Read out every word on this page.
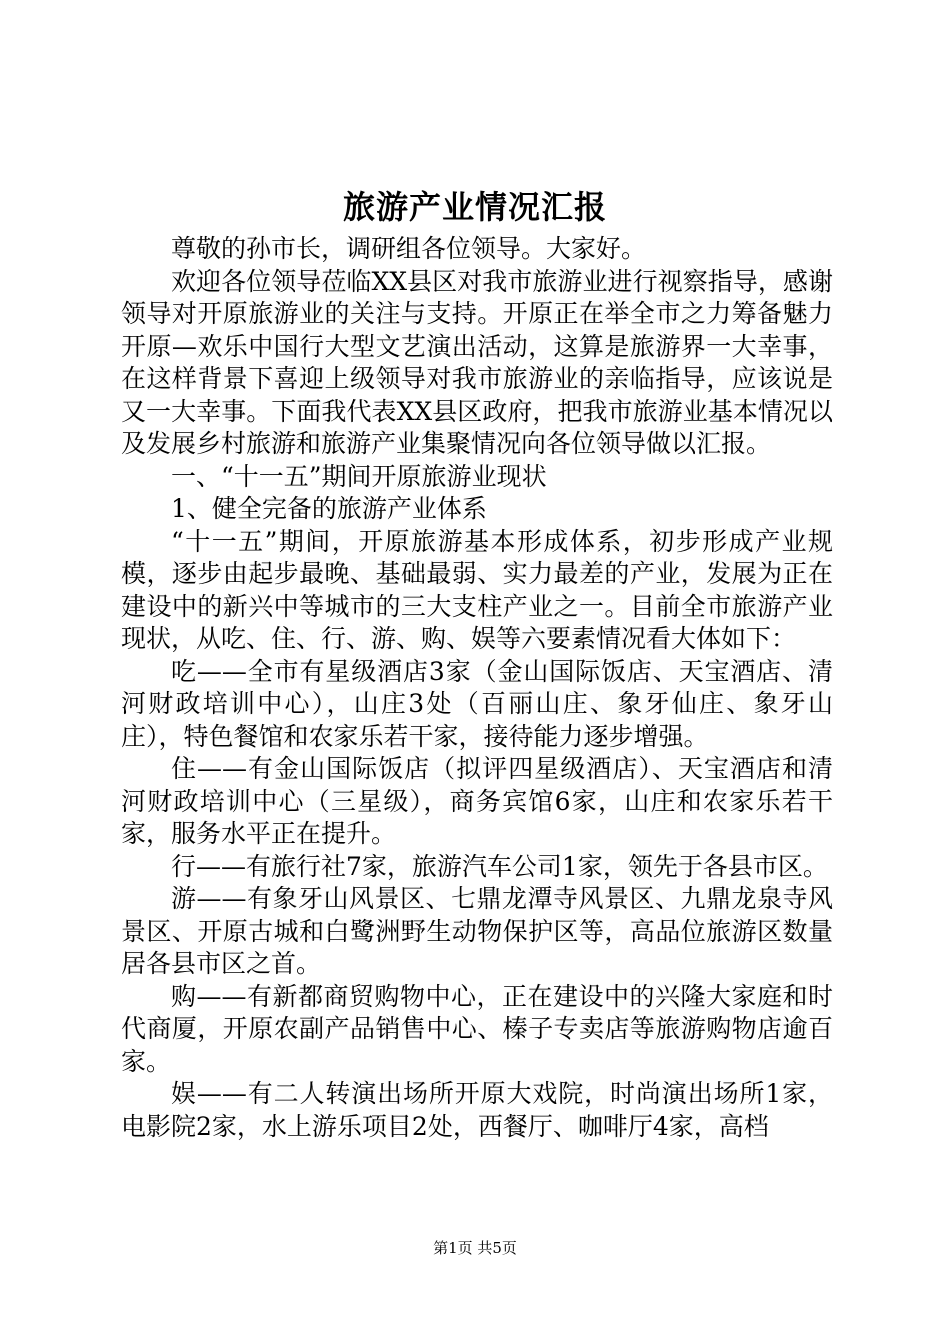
旅游产业情况汇报

尊敬的孙市长，调研组各位领导。大家好。

欢迎各位领导莅临XX县区对我市旅游业进行视察指导，感谢领导对开原旅游业的关注与支持。开原正在举全市之力筹备魅力开原—欢乐中国行大型文艺演出活动，这算是旅游界一大幸事，在这样背景下喜迎上级领导对我市旅游业的亲临指导，应该说是又一大幸事。下面我代表XX县区政府，把我市旅游业基本情况以及发展乡村旅游和旅游产业集聚情况向各位领导做以汇报。

一、“十一五”期间开原旅游业现状

1、健全完备的旅游产业体系

“十一五”期间，开原旅游基本形成体系，初步形成产业规模，逐步由起步最晚、基础最弱、实力最差的产业，发展为正在建设中的新兴中等城市的三大支柱产业之一。目前全市旅游产业现状，从吃、住、行、游、购、娱等六要素情况看大体如下：

吃——全市有星级酒店3家（金山国际饭店、天宝酒店、清河财政培训中心），山庄3处（百丽山庄、象牙仙庄、象牙山庄），特色餐馆和农家乐若干家，接待能力逐步增强。

住——有金山国际饭店（拟评四星级酒店）、天宝酒店和清河财政培训中心（三星级），商务宾馆6家，山庄和农家乐若干家，服务水平正在提升。

行——有旅行社7家，旅游汽车公司1家，领先于各县市区。

游——有象牙山风景区、七鼎龙潭寺风景区、九鼎龙泉寺风景区、开原古城和白鹭洲野生动物保护区等，高品位旅游区数量居各县市区之首。

购——有新都商贸购物中心，正在建设中的兴隆大家庭和时代商厦，开原农副产品销售中心、榛子专卖店等旅游购物店逾百家。

娱——有二人转演出场所开原大戏院，时尚演出场所1家，电影院2家，水上游乐项目2处，西餐厅、咖啡厅4家，高档

第1页 共5页
